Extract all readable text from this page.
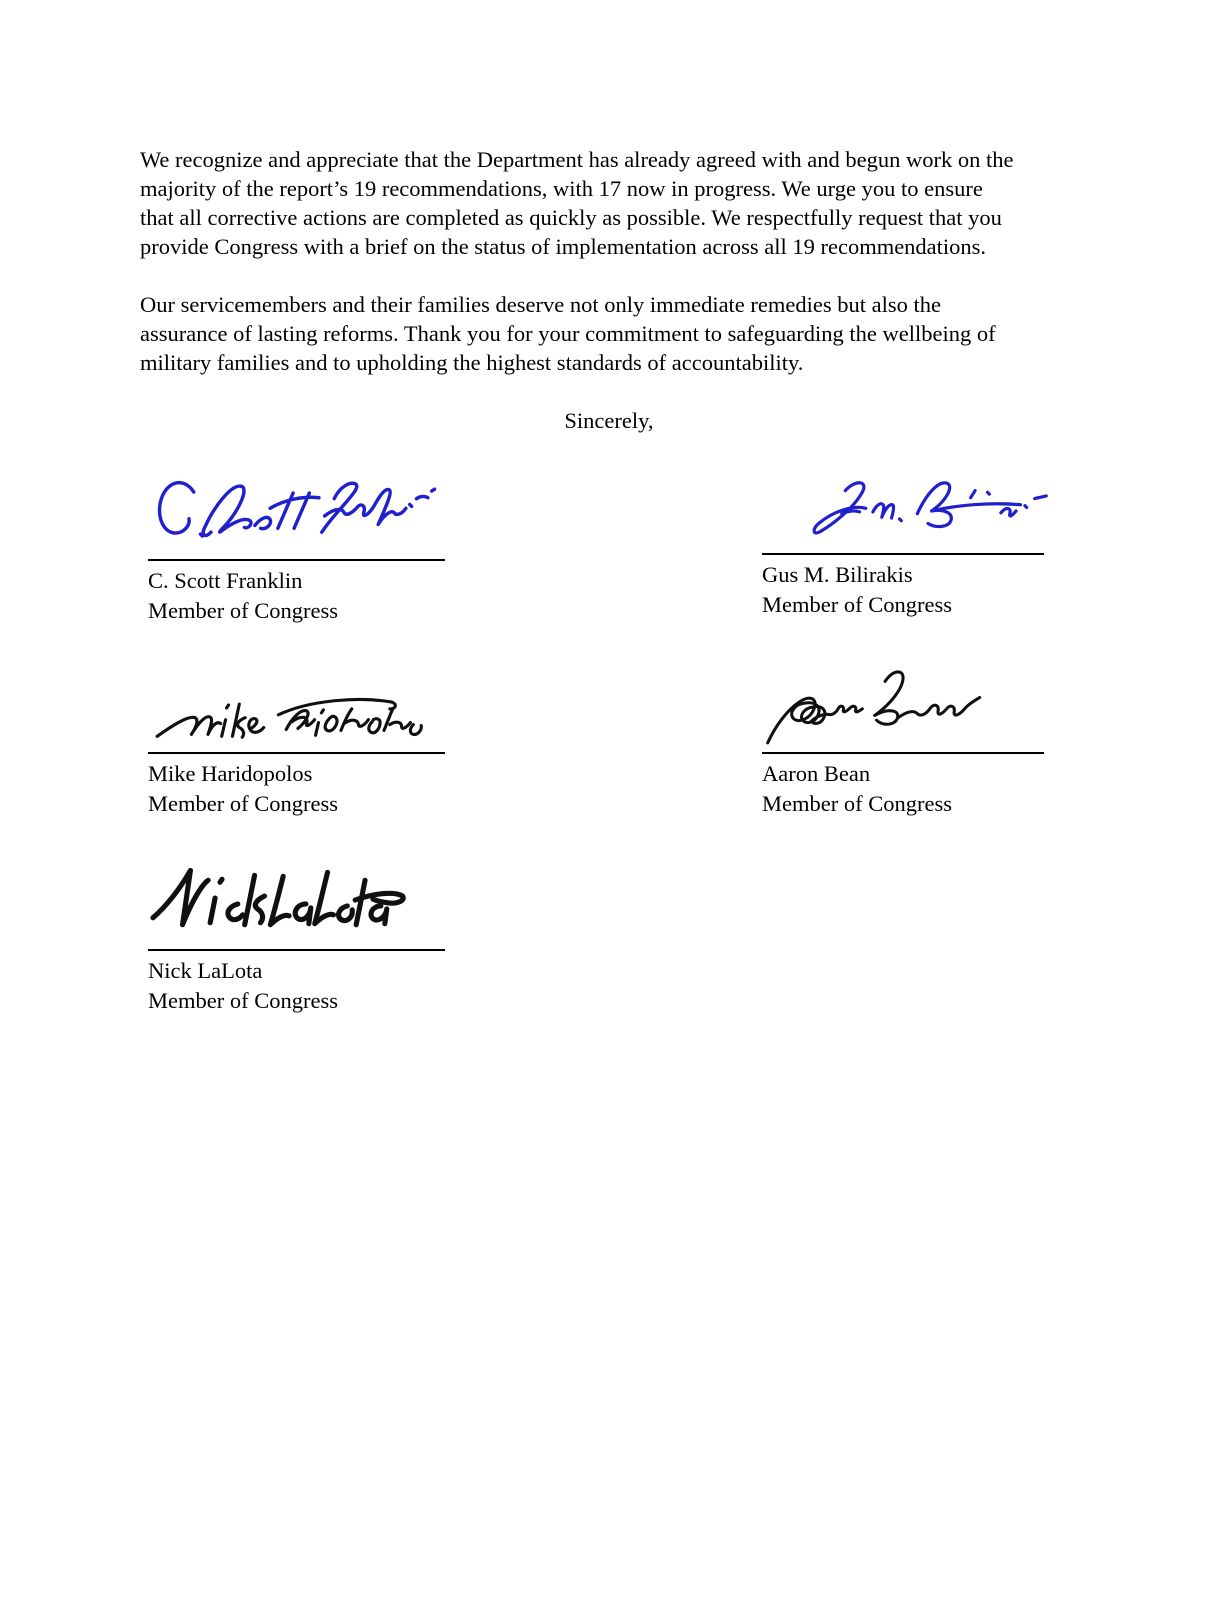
We recognize and appreciate that the Department has already agreed with and begun work on the
majority of the report’s 19 recommendations, with 17 now in progress. We urge you to ensure
that all corrective actions are completed as quickly as possible. We respectfully request that you
provide Congress with a brief on the status of implementation across all 19 recommendations.

Our servicemembers and their families deserve not only immediate remedies but also the
assurance of lasting reforms. Thank you for your commitment to safeguarding the wellbeing of
military families and to upholding the highest standards of accountability.

Sincerely,
C. Scott Franklin
Member of Congress
Gus M. Bilirakis
Member of Congress
Mike Haridopolos
Member of Congress
Aaron Bean
Member of Congress
Nick LaLota
Member of Congress
